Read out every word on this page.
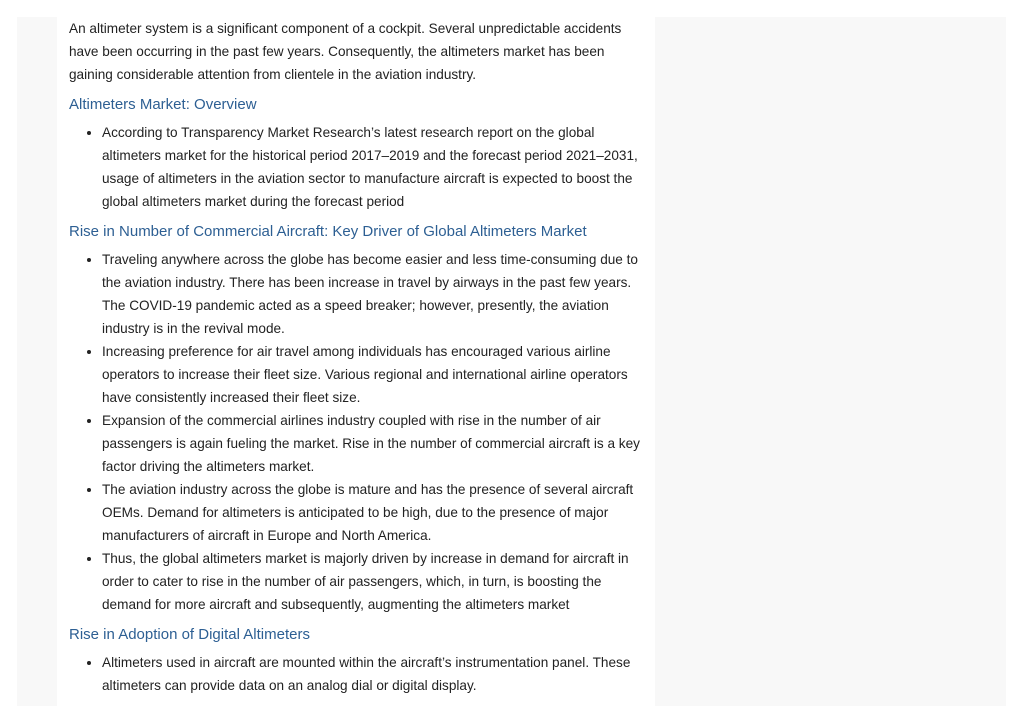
An altimeter system is a significant component of a cockpit. Several unpredictable accidents have been occurring in the past few years. Consequently, the altimeters market has been gaining considerable attention from clientele in the aviation industry.

Altimeters Market: Overview
• According to Transparency Market Research’s latest research report on the global altimeters market for the historical period 2017–2019 and the forecast period 2021–2031, usage of altimeters in the aviation sector to manufacture aircraft is expected to boost the global altimeters market during the forecast period
Rise in Number of Commercial Aircraft: Key Driver of Global Altimeters Market
• Traveling anywhere across the globe has become easier and less time-consuming due to the aviation industry. There has been increase in travel by airways in the past few years. The COVID-19 pandemic acted as a speed breaker; however, presently, the aviation industry is in the revival mode.
• Increasing preference for air travel among individuals has encouraged various airline operators to increase their fleet size. Various regional and international airline operators have consistently increased their fleet size.
• Expansion of the commercial airlines industry coupled with rise in the number of air passengers is again fueling the market. Rise in the number of commercial aircraft is a key factor driving the altimeters market.
• The aviation industry across the globe is mature and has the presence of several aircraft OEMs. Demand for altimeters is anticipated to be high, due to the presence of major manufacturers of aircraft in Europe and North America.
• Thus, the global altimeters market is majorly driven by increase in demand for aircraft in order to cater to rise in the number of air passengers, which, in turn, is boosting the demand for more aircraft and subsequently, augmenting the altimeters market
Rise in Adoption of Digital Altimeters
• Altimeters used in aircraft are mounted within the aircraft’s instrumentation panel. These altimeters can provide data on an analog dial or digital display.
